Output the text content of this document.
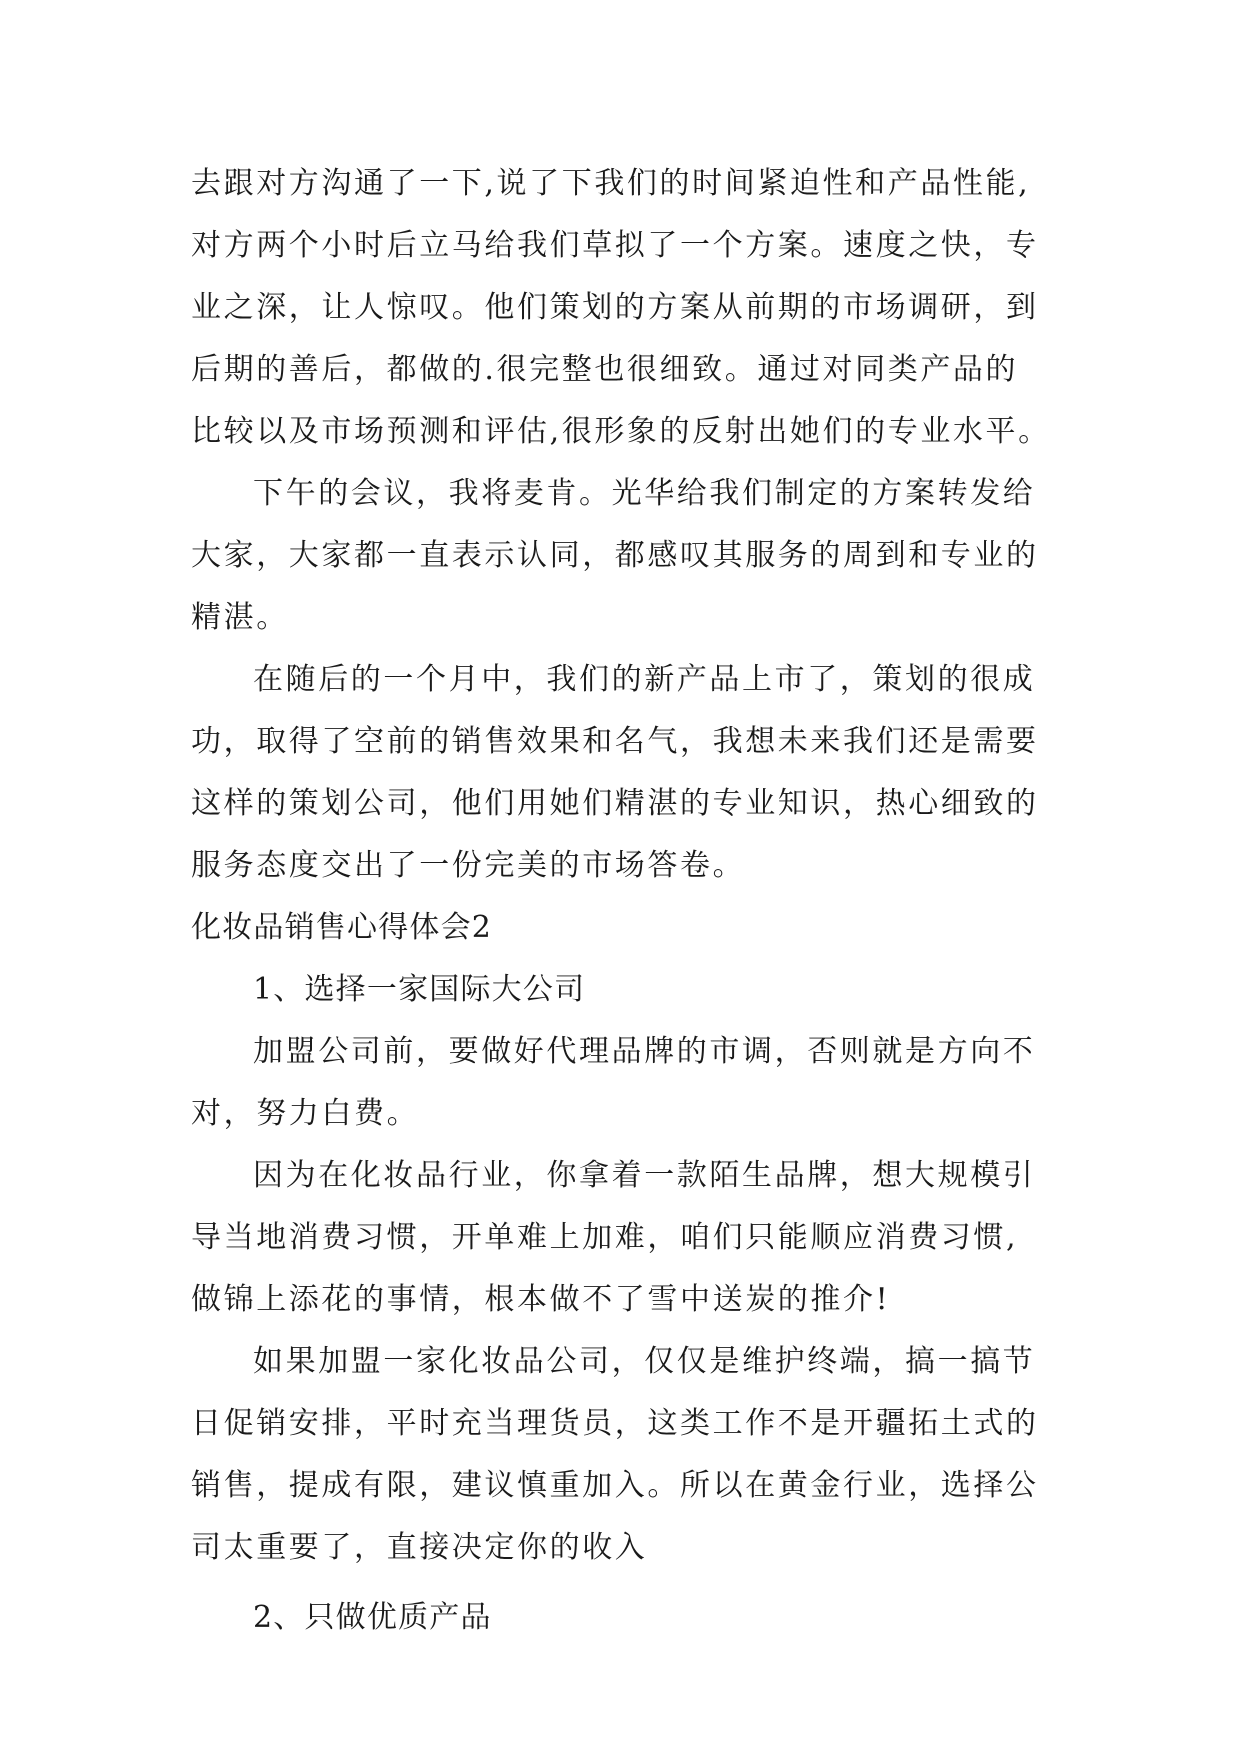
去跟对方沟通了一下,说了下我们的时间紧迫性和产品性能,
对方两个小时后立马给我们草拟了一个方案。速度之快，专
业之深，让人惊叹。他们策划的方案从前期的市场调研，到
后期的善后，都做的.很完整也很细致。通过对同类产品的
比较以及市场预测和评估,很形象的反射出她们的专业水平。
下午的会议，我将麦肯。光华给我们制定的方案转发给
大家，大家都一直表示认同，都感叹其服务的周到和专业的
精湛。
在随后的一个月中，我们的新产品上市了，策划的很成
功，取得了空前的销售效果和名气，我想未来我们还是需要
这样的策划公司，他们用她们精湛的专业知识，热心细致的
服务态度交出了一份完美的市场答卷。
化妆品销售心得体会2
1、选择一家国际大公司
加盟公司前，要做好代理品牌的市调，否则就是方向不
对，努力白费。
因为在化妆品行业，你拿着一款陌生品牌，想大规模引
导当地消费习惯，开单难上加难，咱们只能顺应消费习惯,
做锦上添花的事情，根本做不了雪中送炭的推介!
如果加盟一家化妆品公司，仅仅是维护终端，搞一搞节
日促销安排，平时充当理货员，这类工作不是开疆拓土式的
销售，提成有限，建议慎重加入。所以在黄金行业，选择公
司太重要了，直接决定你的收入
2、只做优质产品
